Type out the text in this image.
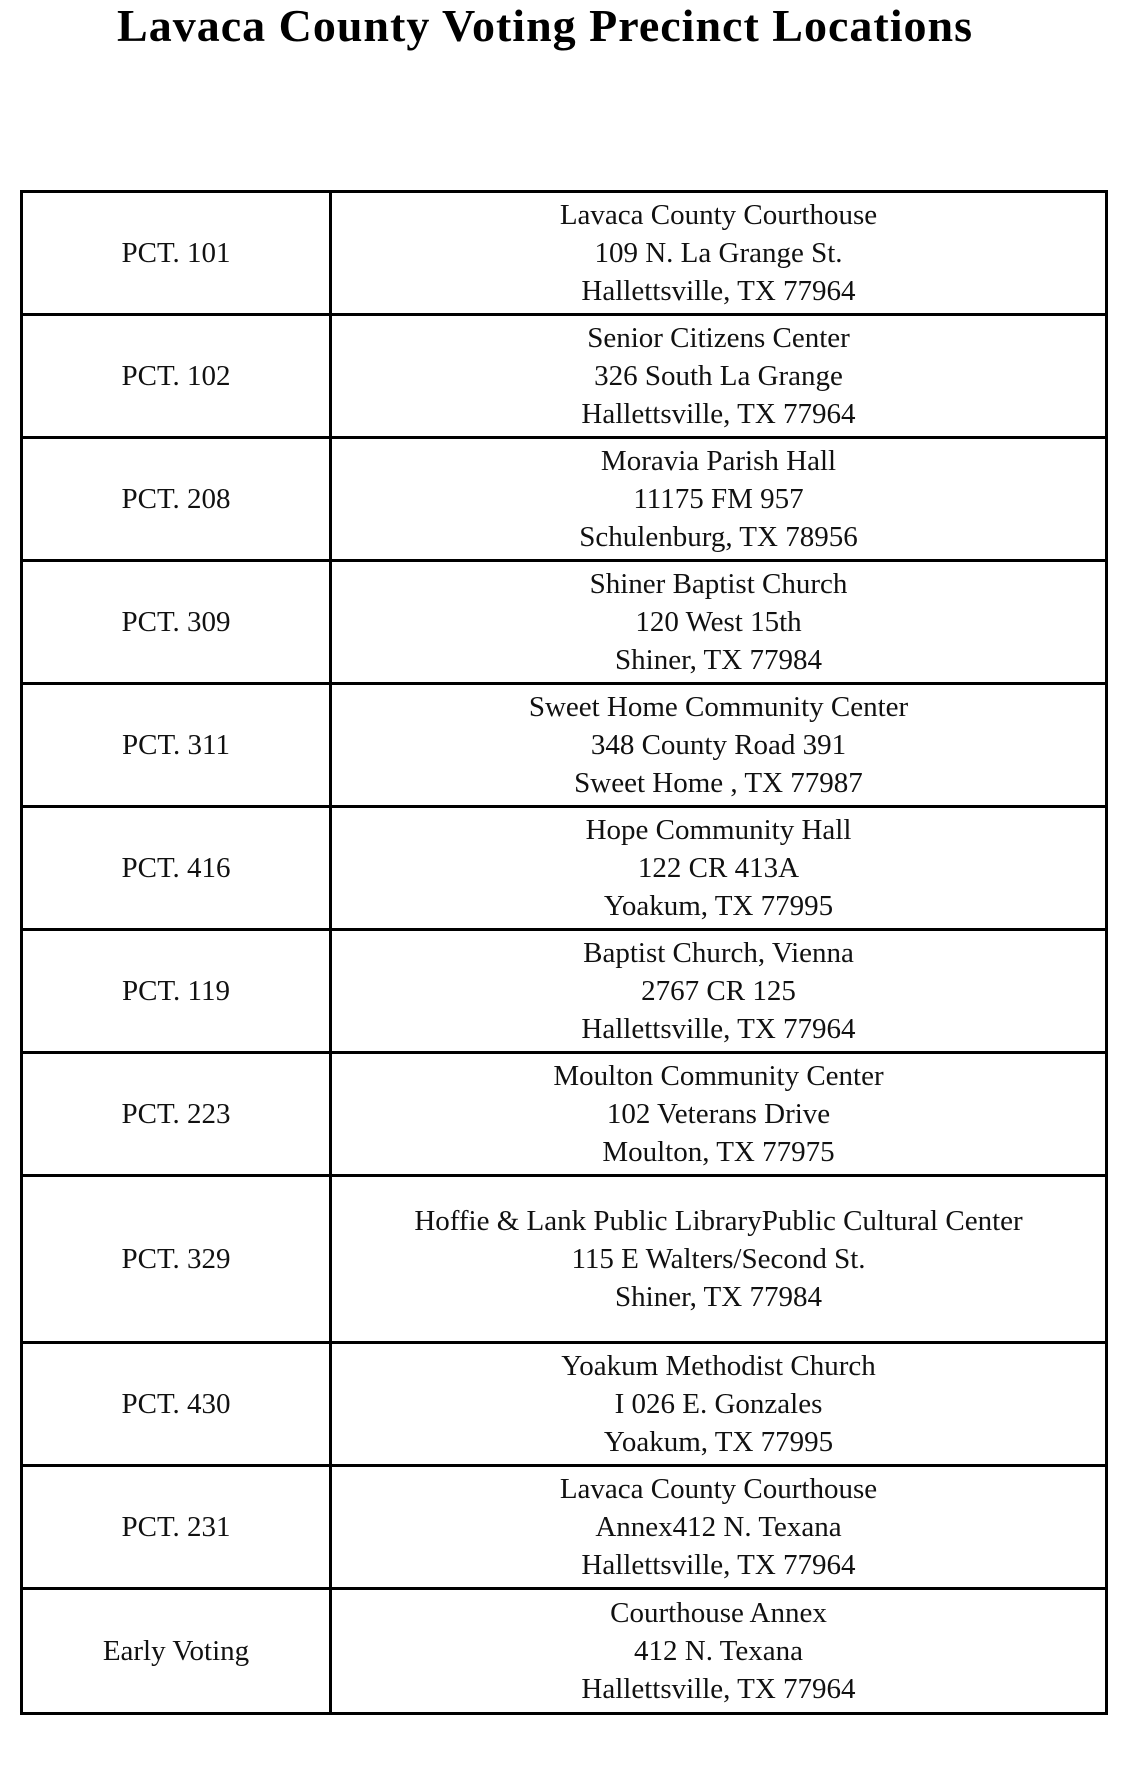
Lavaca County Voting Precinct Locations
PCT. 101	Lavaca County Courthouse
109 N. La Grange St.
Hallettsville, TX 77964

PCT. 102	Senior Citizens Center
326 South La Grange
Hallettsville, TX 77964

PCT. 208	Moravia Parish Hall
11175 FM 957
Schulenburg, TX 78956

PCT. 309	Shiner Baptist Church
120 West 15th
Shiner, TX 77984

PCT. 311	Sweet Home Community Center
348 County Road 391
Sweet Home , TX 77987

PCT. 416	Hope Community Hall
122 CR 413A
Yoakum, TX 77995

PCT. 119	Baptist Church, Vienna
2767 CR 125
Hallettsville, TX 77964

PCT. 223	Moulton Community Center
102 Veterans Drive
Moulton, TX 77975

PCT. 329	Hoffie & Lank Public LibraryPublic Cultural Center
115 E Walters/Second St.
Shiner, TX 77984

PCT. 430	Yoakum Methodist Church
I 026 E. Gonzales
Yoakum, TX 77995

PCT. 231	Lavaca County Courthouse
Annex412 N. Texana
Hallettsville, TX 77964

Early Voting	Courthouse Annex
412 N. Texana
Hallettsville, TX 77964
